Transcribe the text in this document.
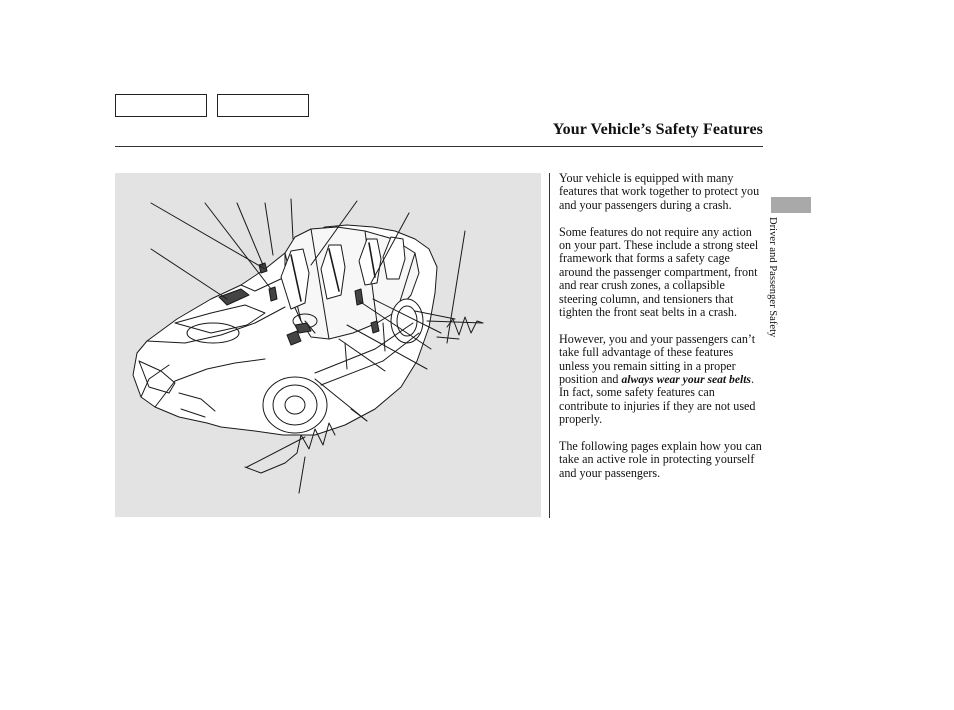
Your Vehicle’s Safety Features

Your vehicle is equipped with many features that work together to protect you and your passengers during a crash.

Some features do not require any action on your part. These include a strong steel framework that forms a safety cage around the passenger compartment, front and rear crush zones, a collapsible steering column, and tensioners that tighten the front seat belts in a crash.

However, you and your passengers can’t take full advantage of these features unless you remain sitting in a proper position and always wear your seat belts. In fact, some safety features can contribute to injuries if they are not used properly.

The following pages explain how you can take an active role in protecting yourself and your passengers.

Driver and Passenger Safety
